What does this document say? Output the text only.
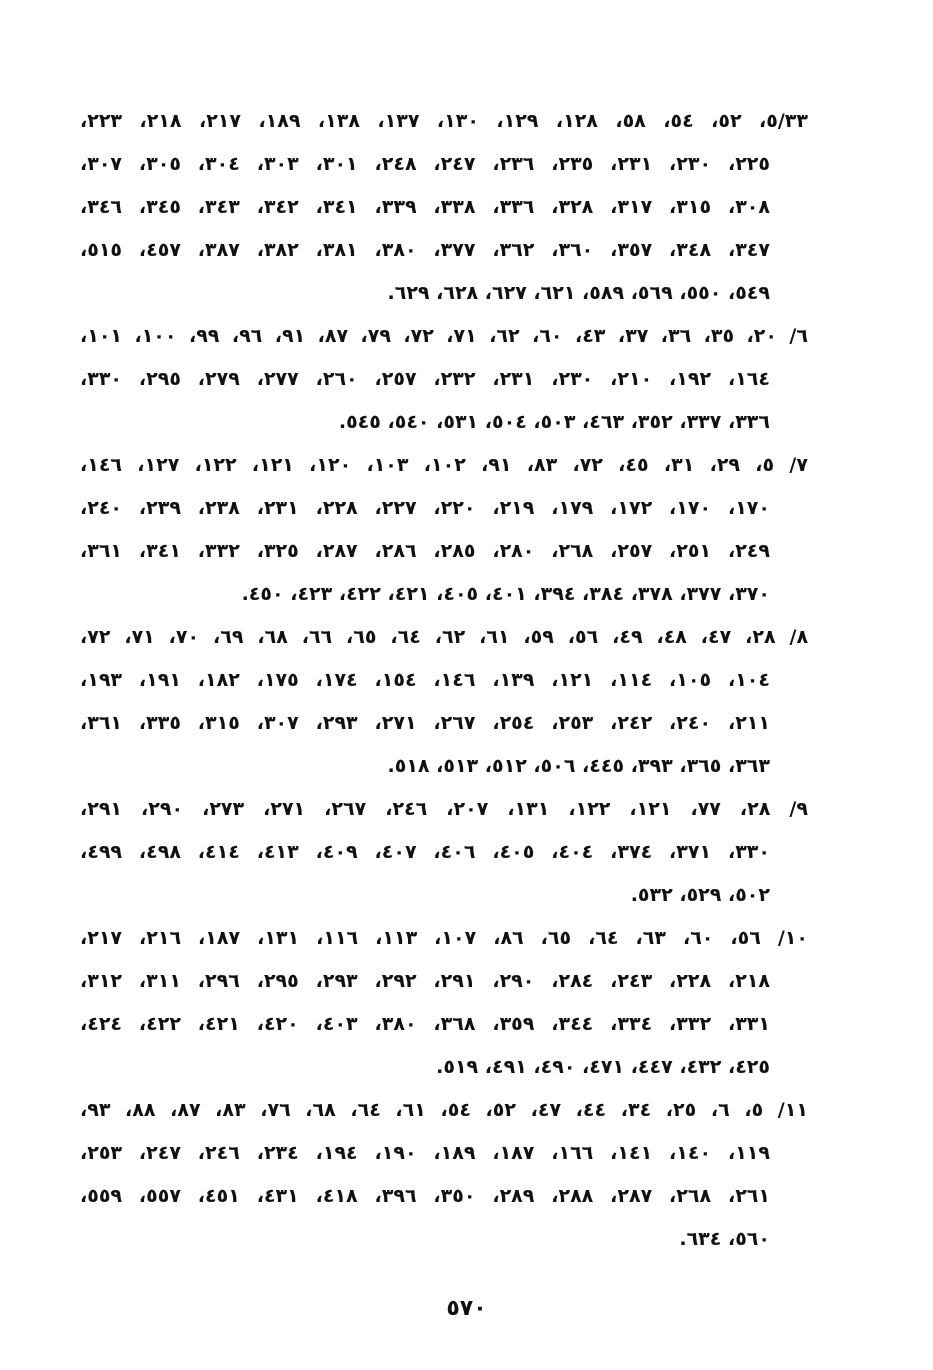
٥/٣٣، ٥٢، ٥٤، ٥٨، ١٢٨، ١٢٩، ١٣٠، ١٣٧، ١٣٨، ١٨٩، ٢١٧، ٢١٨، ٢٢٣،
٢٢٥، ٢٣٠، ٢٣١، ٢٣٥، ٢٣٦، ٢٤٧، ٢٤٨، ٣٠١، ٣٠٣، ٣٠٤، ٣٠٥، ٣٠٧،
٣٠٨، ٣١٥، ٣١٧، ٣٢٨، ٣٣٦، ٣٣٨، ٣٣٩، ٣٤١، ٣٤٢، ٣٤٣، ٣٤٥، ٣٤٦،
٣٤٧، ٣٤٨، ٣٥٧، ٣٦٠، ٣٦٢، ٣٧٧، ٣٨٠، ٣٨١، ٣٨٢، ٣٨٧، ٤٥٧، ٥١٥،
٥٤٩، ٥٥٠، ٥٦٩، ٥٨٩، ٦٢١، ٦٢٧، ٦٢٨، ٦٢٩.
٦/ ٢٠، ٣٥، ٣٦، ٣٧، ٤٣، ٦٠، ٦٢، ٧١، ٧٢، ٧٩، ٨٧، ٩١، ٩٦، ٩٩، ١٠٠، ١٠١،
١٦٤، ١٩٢، ٢١٠، ٢٣٠، ٢٣١، ٢٣٢، ٢٥٧، ٢٦٠، ٢٧٧، ٢٧٩، ٢٩٥، ٣٣٠،
٣٣٦، ٣٣٧، ٣٥٢، ٤٦٣، ٥٠٣، ٥٠٤، ٥٣١، ٥٤٠، ٥٤٥.
٧/ ٥، ٢٩، ٣١، ٤٥، ٧٢، ٨٣، ٩١، ١٠٢، ١٠٣، ١٢٠، ١٢١، ١٢٢، ١٢٧، ١٤٦،
١٧٠، ١٧٠، ١٧٢، ١٧٩، ٢١٩، ٢٢٠، ٢٢٧، ٢٢٨، ٢٣١، ٢٣٨، ٢٣٩، ٢٤٠،
٢٤٩، ٢٥١، ٢٥٧، ٢٦٨، ٢٨٠، ٢٨٥، ٢٨٦، ٢٨٧، ٣٢٥، ٣٣٢، ٣٤١، ٣٦١،
٣٧٠، ٣٧٧، ٣٧٨، ٣٨٤، ٣٩٤، ٤٠١، ٤٠٥، ٤٢١، ٤٢٢، ٤٢٣، ٤٥٠.
٨/ ٢٨، ٤٧، ٤٨، ٤٩، ٥٦، ٥٩، ٦١، ٦٢، ٦٤، ٦٥، ٦٦، ٦٨، ٦٩، ٧٠، ٧١، ٧٢،
١٠٤، ١٠٥، ١١٤، ١٢١، ١٣٩، ١٤٦، ١٥٤، ١٧٤، ١٧٥، ١٨٢، ١٩١، ١٩٣،
٢١١، ٢٤٠، ٢٤٢، ٢٥٣، ٢٥٤، ٢٦٧، ٢٧١، ٢٩٣، ٣٠٧، ٣١٥، ٣٣٥، ٣٦١،
٣٦٣، ٣٦٥، ٣٩٣، ٤٤٥، ٥٠٦، ٥١٢، ٥١٣، ٥١٨.
٩/ ٢٨، ٧٧، ١٢١، ١٢٢، ١٣١، ٢٠٧، ٢٤٦، ٢٦٧، ٢٧١، ٢٧٣، ٢٩٠، ٢٩١،
٣٣٠، ٣٧١، ٣٧٤، ٤٠٤، ٤٠٥، ٤٠٦، ٤٠٧، ٤٠٩، ٤١٣، ٤١٤، ٤٩٨، ٤٩٩،
٥٠٢، ٥٢٩، ٥٣٢.
١٠/ ٥٦، ٦٠، ٦٣، ٦٤، ٦٥، ٨٦، ١٠٧، ١١٣، ١١٦، ١٣١، ١٨٧، ٢١٦، ٢١٧،
٢١٨، ٢٢٨، ٢٤٣، ٢٨٤، ٢٩٠، ٢٩١، ٢٩٢، ٢٩٣، ٢٩٥، ٢٩٦، ٣١١، ٣١٢،
٣٣١، ٣٣٢، ٣٣٤، ٣٤٤، ٣٥٩، ٣٦٨، ٣٨٠، ٤٠٣، ٤٢٠، ٤٢١، ٤٢٢، ٤٢٤،
٤٢٥، ٤٣٢، ٤٤٧، ٤٧١، ٤٩٠، ٤٩١، ٥١٩.
١١/ ٥، ٦، ٢٥، ٣٤، ٤٤، ٤٧، ٥٢، ٥٤، ٦١، ٦٤، ٦٨، ٧٦، ٨٣، ٨٧، ٨٨، ٩٣،
١١٩، ١٤٠، ١٤١، ١٦٦، ١٨٧، ١٨٩، ١٩٠، ١٩٤، ٢٣٤، ٢٤٦، ٢٤٧، ٢٥٣،
٢٦١، ٢٦٨، ٢٨٧، ٢٨٨، ٢٨٩، ٣٥٠، ٣٩٦، ٤١٨، ٤٣١، ٤٥١، ٥٥٧، ٥٥٩،
٥٦٠، ٦٣٤.
٥٧٠
